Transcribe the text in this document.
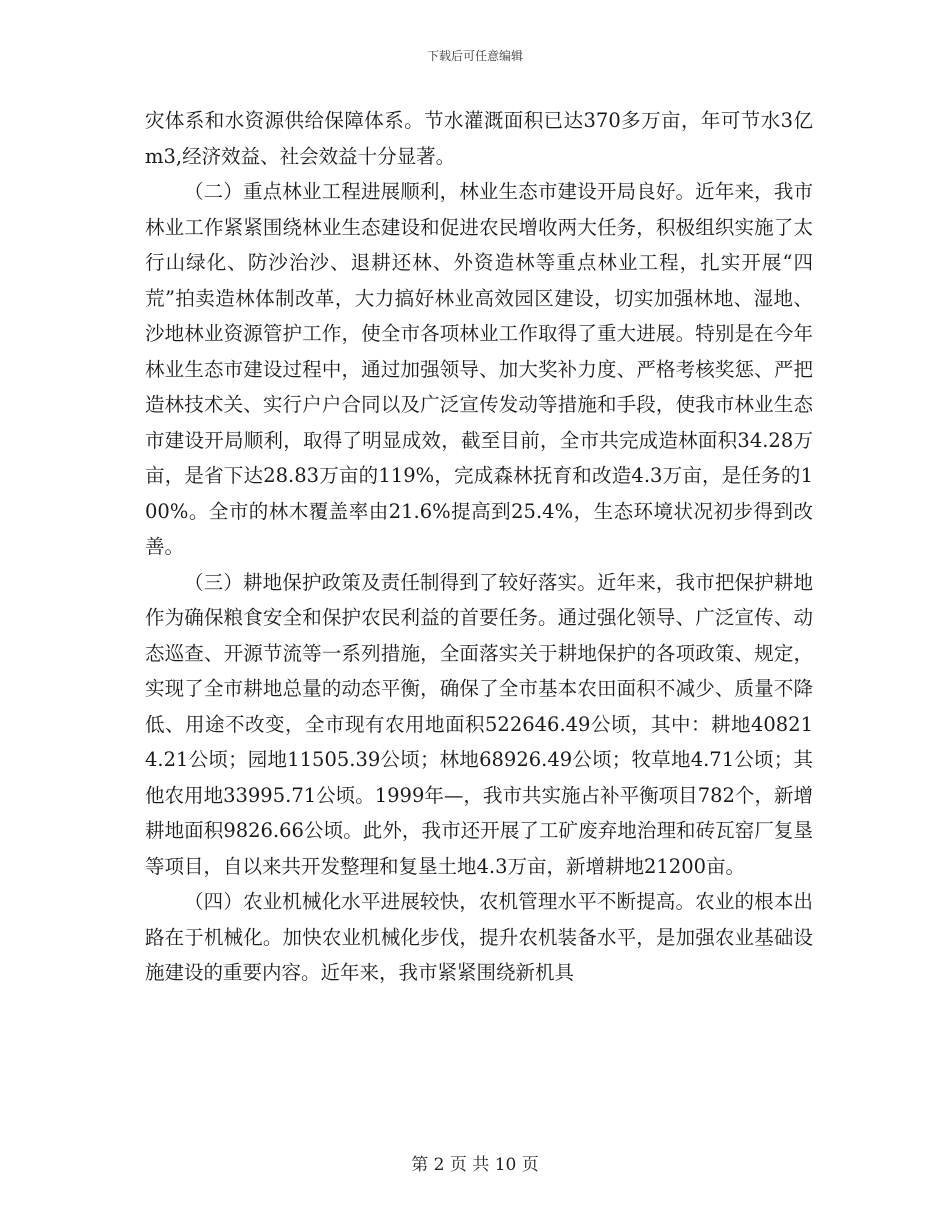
下载后可任意编辑

灾体系和水资源供给保障体系。节水灌溉面积已达370多万亩，年可节水3亿m3,经济效益、社会效益十分显著。

（二）重点林业工程进展顺利，林业生态市建设开局良好。近年来，我市林业工作紧紧围绕林业生态建设和促进农民增收两大任务，积极组织实施了太行山绿化、防沙治沙、退耕还林、外资造林等重点林业工程，扎实开展“四荒”拍卖造林体制改革，大力搞好林业高效园区建设，切实加强林地、湿地、沙地林业资源管护工作，使全市各项林业工作取得了重大进展。特别是在今年林业生态市建设过程中，通过加强领导、加大奖补力度、严格考核奖惩、严把造林技术关、实行户户合同以及广泛宣传发动等措施和手段，使我市林业生态市建设开局顺利，取得了明显成效，截至目前，全市共完成造林面积34.28万亩，是省下达28.83万亩的119%，完成森林抚育和改造4.3万亩，是任务的100%。全市的林木覆盖率由21.6%提高到25.4%，生态环境状况初步得到改善。

（三）耕地保护政策及责任制得到了较好落实。近年来，我市把保护耕地作为确保粮食安全和保护农民利益的首要任务。通过强化领导、广泛宣传、动态巡查、开源节流等一系列措施，全面落实关于耕地保护的各项政策、规定，实现了全市耕地总量的动态平衡，确保了全市基本农田面积不减少、质量不降低、用途不改变，全市现有农用地面积522646.49公顷，其中：耕地408214.21公顷；园地11505.39公顷；林地68926.49公顷；牧草地4.71公顷；其他农用地33995.71公顷。1999年—，我市共实施占补平衡项目782个，新增耕地面积9826.66公顷。此外，我市还开展了工矿废弃地治理和砖瓦窑厂复垦等项目，自以来共开发整理和复垦土地4.3万亩，新增耕地21200亩。

（四）农业机械化水平进展较快，农机管理水平不断提高。农业的根本出路在于机械化。加快农业机械化步伐，提升农机装备水平，是加强农业基础设施建设的重要内容。近年来，我市紧紧围绕新机具

第 2 页 共 10 页
